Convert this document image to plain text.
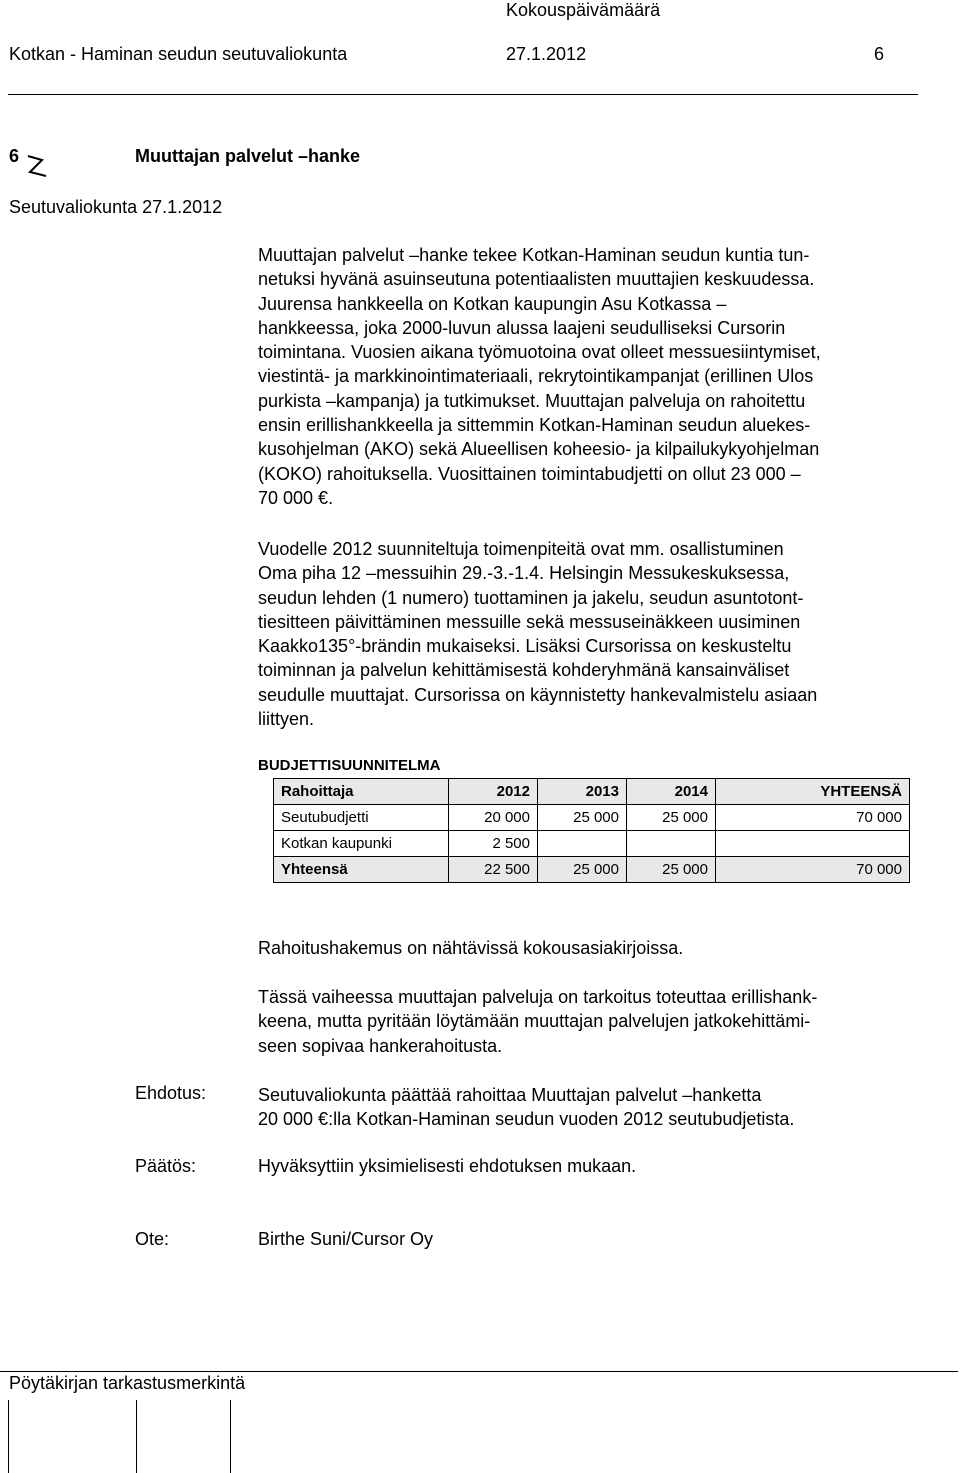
Kokouspäivämäärä
Kotkan - Haminan seudun seutuvaliokunta	27.1.2012	6
6	Muuttajan palvelut –hanke
Seutuvaliokunta 27.1.2012
Muuttajan palvelut –hanke tekee Kotkan-Haminan seudun kuntia tun-
netuksi hyvänä asuinseutuna potentiaalisten muuttajien keskuudessa.
Juurensa hankkeella on Kotkan kaupungin Asu Kotkassa –
hankkeessa, joka 2000-luvun alussa laajeni seudulliseksi Cursorin
toimintana. Vuosien aikana työmuotoina ovat olleet messuesiintymiset,
viestintä- ja markkinointimateriaali, rekrytointikampanjat (erillinen Ulos
purkista –kampanja) ja tutkimukset. Muuttajan palveluja on rahoitettu
ensin erillishankkeella ja sittemmin Kotkan-Haminan seudun aluekes-
kusohjelman (AKO) sekä Alueellisen koheesio- ja kilpailukykyohjelman
(KOKO) rahoituksella. Vuosittainen toimintabudjetti on ollut 23 000 –
70 000 €.
Vuodelle 2012 suunniteltuja toimenpiteitä ovat mm. osallistuminen
Oma piha 12 –messuihin 29.-3.-1.4. Helsingin Messukeskuksessa,
seudun lehden (1 numero) tuottaminen ja jakelu, seudun asuntotont-
tiesitteen päivittäminen messuille sekä messuseinäkkeen uusiminen
Kaakko135°-brändin mukaiseksi. Lisäksi Cursorissa on keskusteltu
toiminnan ja palvelun kehittämisestä kohderyhmänä kansainväliset
seudulle muuttajat. Cursorissa on käynnistetty hankevalmistelu asiaan
liittyen.
BUDJETTISUUNNITELMA
Rahoittaja	2012	2013	2014	YHTEENSÄ
Seutubudjetti	20 000	25 000	25 000	70 000
Kotkan kaupunki	2 500			
Yhteensä	22 500	25 000	25 000	70 000
Rahoitushakemus on nähtävissä kokousasiakirjoissa.
Tässä vaiheessa muuttajan palveluja on tarkoitus toteuttaa erillishank-
keena, mutta pyritään löytämään muuttajan palvelujen jatkokehittämi-
seen sopivaa hankerahoitusta.
Ehdotus:	Seutuvaliokunta päättää rahoittaa Muuttajan palvelut –hanketta
20 000 €:lla Kotkan-Haminan seudun vuoden 2012 seutubudjetista.
Päätös:	Hyväksyttiin yksimielisesti ehdotuksen mukaan.
Ote:	Birthe Suni/Cursor Oy
Pöytäkirjan tarkastusmerkintä
